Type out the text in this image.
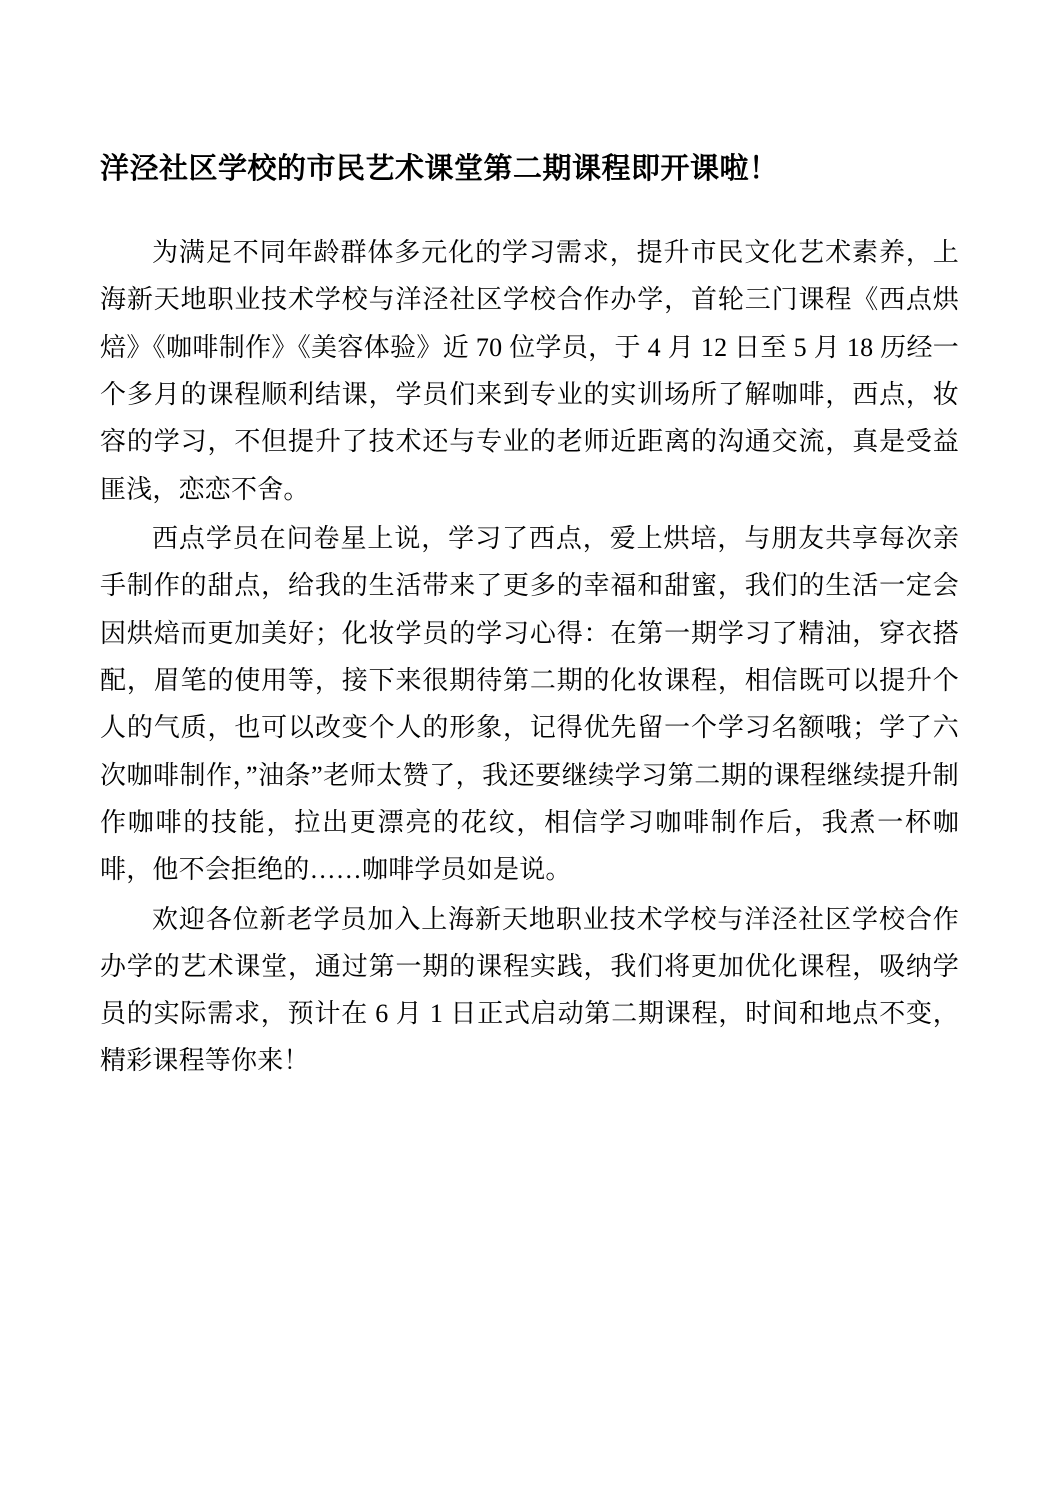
洋泾社区学校的市民艺术课堂第二期课程即开课啦！

为满足不同年龄群体多元化的学习需求，提升市民文化艺术素养，上海新天地职业技术学校与洋泾社区学校合作办学，首轮三门课程《西点烘焙》《咖啡制作》《美容体验》近 70 位学员，于 4 月 12 日至 5 月 18 历经一个多月的课程顺利结课，学员们来到专业的实训场所了解咖啡，西点，妆容的学习，不但提升了技术还与专业的老师近距离的沟通交流，真是受益匪浅，恋恋不舍。

西点学员在问卷星上说，学习了西点，爱上烘培，与朋友共享每次亲手制作的甜点，给我的生活带来了更多的幸福和甜蜜，我们的生活一定会因烘焙而更加美好；化妆学员的学习心得：在第一期学习了精油，穿衣搭配，眉笔的使用等，接下来很期待第二期的化妆课程，相信既可以提升个人的气质，也可以改变个人的形象，记得优先留一个学习名额哦；学了六次咖啡制作，”油条”老师太赞了，我还要继续学习第二期的课程继续提升制作咖啡的技能，拉出更漂亮的花纹，相信学习咖啡制作后，我煮一杯咖啡，他不会拒绝的……咖啡学员如是说。

欢迎各位新老学员加入上海新天地职业技术学校与洋泾社区学校合作办学的艺术课堂，通过第一期的课程实践，我们将更加优化课程，吸纳学员的实际需求，预计在 6 月 1 日正式启动第二期课程，时间和地点不变，精彩课程等你来！
